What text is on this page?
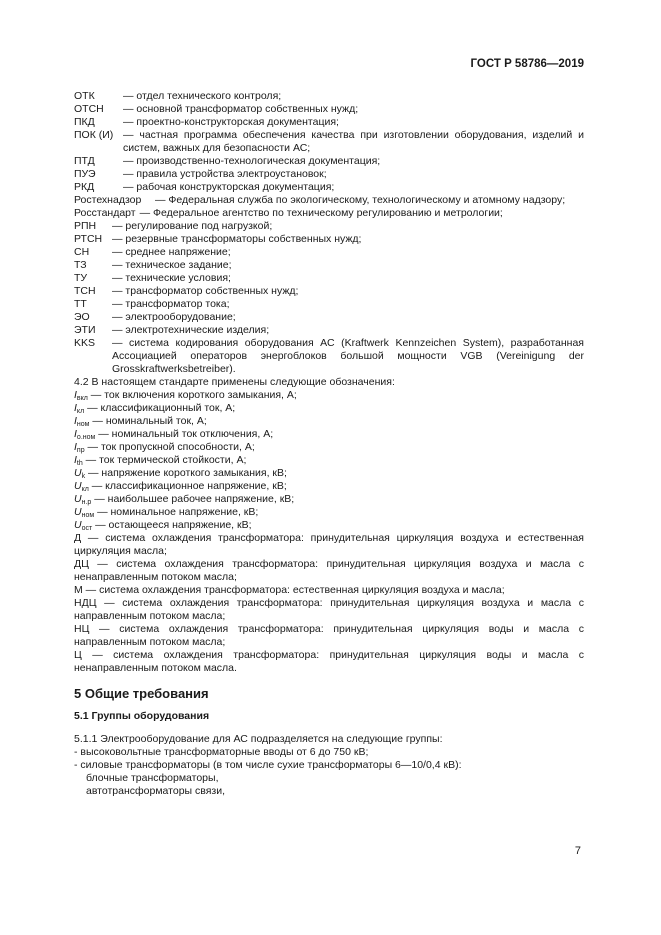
ГОСТ Р 58786—2019
ОТК	— отдел технического контроля;
ОТСН	— основной трансформатор собственных нужд;
ПКД	— проектно-конструкторская документация;
ПОК (И) — частная программа обеспечения качества при изготовлении оборудования, изделий и систем, важных для безопасности АС;
ПТД	— производственно-технологическая документация;
ПУЭ	— правила устройства электроустановок;
РКД	— рабочая конструкторская документация;
Ростехнадзор	— Федеральная служба по экологическому, технологическому и атомному надзору;
Росстандарт — Федеральное агентство по техническому регулированию и метрологии;
РПН	— регулирование под нагрузкой;
РТСН — резервные трансформаторы собственных нужд;
СН	— среднее напряжение;
ТЗ	— техническое задание;
ТУ	— технические условия;
ТСН	— трансформатор собственных нужд;
ТТ	— трансформатор тока;
ЭО	— электрооборудование;
ЭТИ	— электротехнические изделия;
KKS	— система кодирования оборудования АС (Kraftwerk Kennzeichen System), разработанная Ассоциацией операторов энергоблоков большой мощности VGB (Vereinigung der Grosskraftwerksbetreiber).
4.2 В настоящем стандарте применены следующие обозначения:
$I_{вкл}$ — ток включения короткого замыкания, А;
$I_{кл}$ — классификационный ток, А;
$I_{ном}$ — номинальный ток, А;
$I_{о.ном}$ — номинальный ток отключения, А;
$I_{пр}$ — ток пропускной способности, А;
$I_{th}$ — ток термической стойкости, А;
$U_k$ — напряжение короткого замыкания, кВ;
$U_{кл}$ — классификационное напряжение, кВ;
$U_{н.р}$ — наибольшее рабочее напряжение, кВ;
$U_{ном}$ — номинальное напряжение, кВ;
$U_{ост}$ — остающееся напряжение, кВ;
Д — система охлаждения трансформатора: принудительная циркуляция воздуха и естественная циркуляция масла;
ДЦ — система охлаждения трансформатора: принудительная циркуляция воздуха и масла с ненаправленным потоком масла;
М — система охлаждения трансформатора: естественная циркуляция воздуха и масла;
НДЦ — система охлаждения трансформатора: принудительная циркуляция воздуха и масла с направленным потоком масла;
НЦ — система охлаждения трансформатора: принудительная циркуляция воды и масла с направленным потоком масла;
Ц — система охлаждения трансформатора: принудительная циркуляция воды и масла с ненаправленным потоком масла.
5 Общие требования
5.1 Группы оборудования
5.1.1 Электрооборудование для АС подразделяется на следующие группы:
- высоковольтные трансформаторные вводы от 6 до 750 кВ;
- силовые трансформаторы (в том числе сухие трансформаторы 6—10/0,4 кВ):
блочные трансформаторы,
автотрансформаторы связи,
7
